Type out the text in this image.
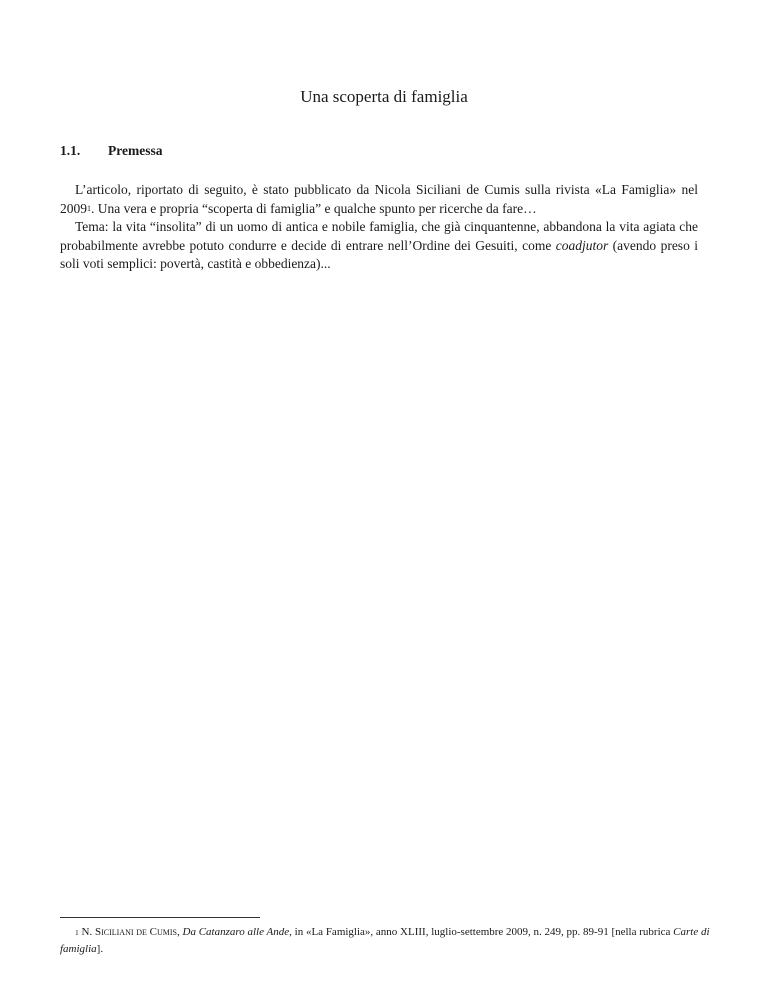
Una scoperta di famiglia
1.1. Premessa

L’articolo, riportato di seguito, è stato pubblicato da Nicola Siciliani de Cumis sulla rivista «La Famiglia» nel 2009$^1$. Una vera e propria “scoperta di famiglia” e qualche spunto per ricerche da fare…

Tema: la vita “insolita” di un uomo di antica e nobile famiglia, che già cinquantenne, abbandona la vita agiata che probabilmente avrebbe potuto condurre e decide di entrare nell’Ordine dei Gesuiti, come coadjutor (avendo preso i soli voti semplici: povertà, castità e obbedienza)...

$^1$ N. Siciliani de Cumis, Da Catanzaro alle Ande, in «La Famiglia», anno XLIII, luglio-settembre 2009, n. 249, pp. 89-91 [nella rubrica Carte di famiglia].
